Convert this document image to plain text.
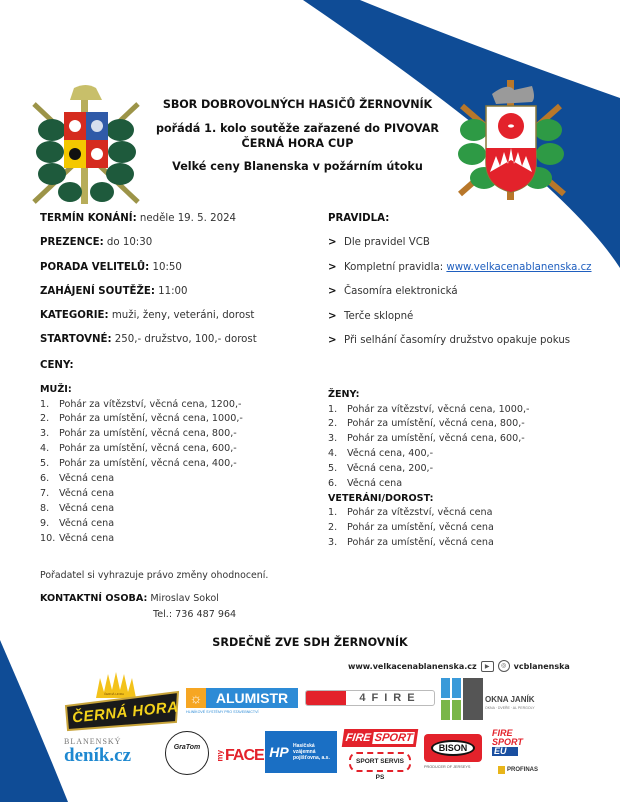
SBOR DOBROVOLNÝCH HASIČŮ ŽERNOVNÍK
pořádá 1. kolo soutěže zařazené do PIVOVAR
ČERNÁ HORA CUP
Velké ceny Blanenska v požárním útoku
TERMÍN KONÁNÍ: neděle 19. 5. 2024
PREZENCE: do 10:30
PORADA VELITELŮ: 10:50
ZAHÁJENÍ SOUTĚŽE: 11:00
KATEGORIE: muži, ženy, veteráni, dorost
STARTOVNÉ: 250,- družstvo, 100,- dorost
PRAVIDLA:
> Dle pravidel VCB
> Kompletní pravidla: www.velkacenablanenska.cz
> Časomíra elektronická
> Terče sklopné
> Při selhání časomíry družstvo opakuje pokus
CENY:
MUŽI:
1. Pohár za vítězství, věcná cena, 1200,-
2. Pohár za umístění, věcná cena, 1000,-
3. Pohár za umístění, věcná cena, 800,-
4. Pohár za umístění, věcná cena, 600,-
5. Pohár za umístění, věcná cena, 400,-
6. Věcná cena
7. Věcná cena
8. Věcná cena
9. Věcná cena
10. Věcná cena
ŽENY:
1. Pohár za vítězství, věcná cena, 1000,-
2. Pohár za umístění, věcná cena, 800,-
3. Pohár za umístění, věcná cena, 600,-
4. Věcná cena, 400,-
5. Věcná cena, 200,-
6. Věcná cena
VETERÁNI/DOROST:
1. Pohár za vítězství, věcná cena
2. Pohár za umístění, věcná cena
3. Pohár za umístění, věcná cena
Pořadatel si vyhrazuje právo změny ohodnocení.
KONTAKTNÍ OSOBA: Miroslav Sokol
Tel.: 736 487 964
SRDEČNĚ ZVE SDH ŽERNOVNÍK
www.velkacenablanenska.cz	▶	◎ vcblanenska
ČERNÁ HORA
ČERNÁ HORA
☼ ALUMISTR
HLINÍKOVÉ SYSTÉMY PRO STAVEBNICTVÍ
4FIRE	OKNA JANÍK
OKNA · DVEŘE · AL PERGOLY
BLANENSKÝ
deník.cz	GraTom
my FACE HP Hasičská vzájemná pojišťovna, a.s.
FIRE SPORT
SPORT SERVIS PS
BISON
PRODUCER OF JERSEYS
FIRE
SPORT
EU
PROFINAS
